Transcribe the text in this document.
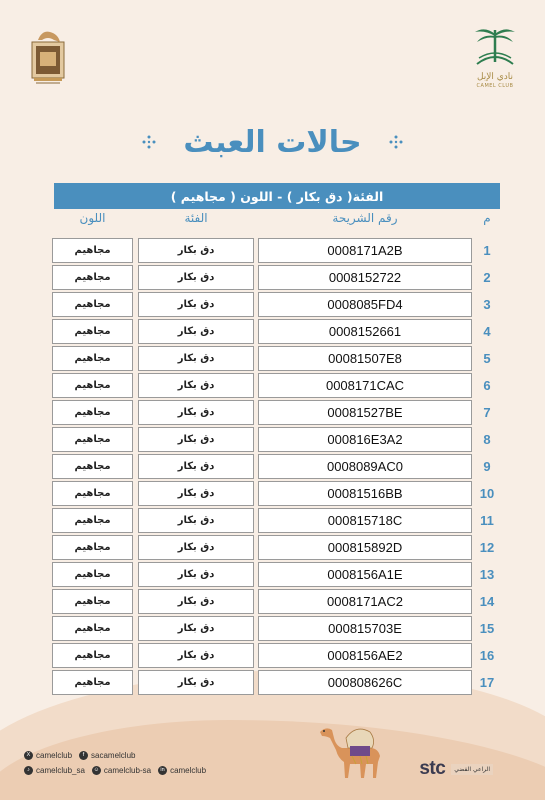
نادي الإبل
CAMEL CLUB
حالات العبث
الفئة( دق بكار ) - اللون ( مجاهيم )
اللون	الفئة	رقم الشريحة	م
مجاهيم	دق بكار	0008171A2B	1
مجاهيم	دق بكار	0008152722	2
مجاهيم	دق بكار	0008085FD4	3
مجاهيم	دق بكار	0008152661	4
مجاهيم	دق بكار	00081507E8	5
مجاهيم	دق بكار	0008171CAC	6
مجاهيم	دق بكار	00081527BE	7
مجاهيم	دق بكار	000816E3A2	8
مجاهيم	دق بكار	0008089AC0	9
مجاهيم	دق بكار	00081516BB	10
مجاهيم	دق بكار	000815718C	11
مجاهيم	دق بكار	000815892D	12
مجاهيم	دق بكار	0008156A1E	13
مجاهيم	دق بكار	0008171AC2	14
مجاهيم	دق بكار	000815703E	15
مجاهيم	دق بكار	0008156AE2	16
مجاهيم	دق بكار	000808626C	17
X camelclub	f sacamelclub
♪ camelclub_sa	☺ camelclub-sa	in camelclub	stc	الراعي الفضي
